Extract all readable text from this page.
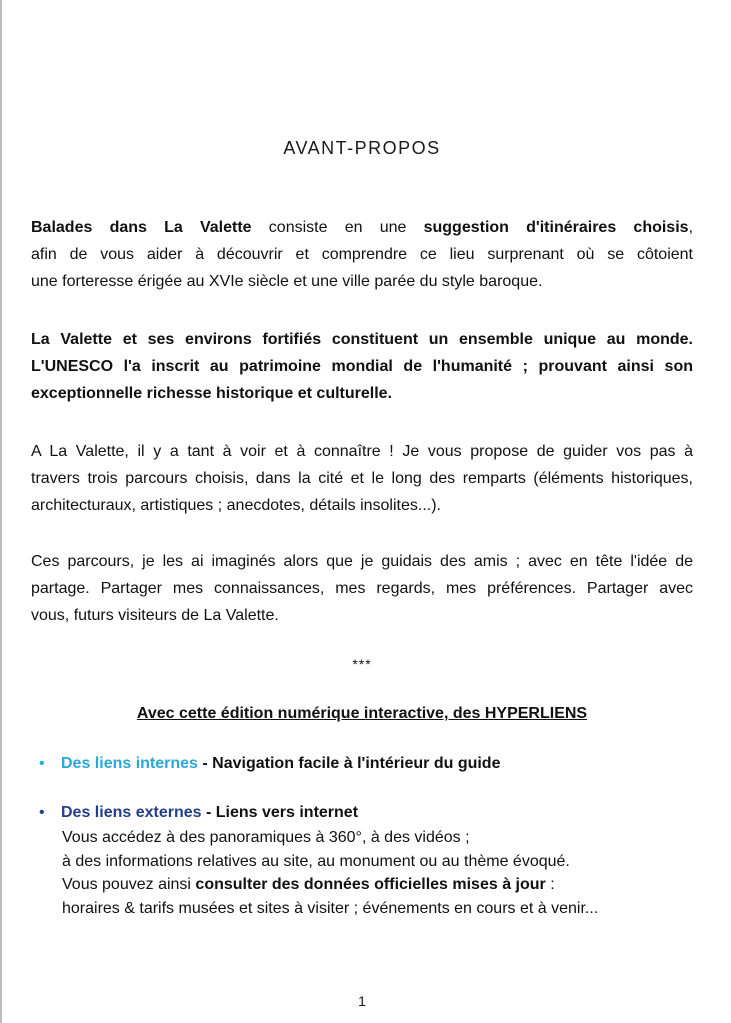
AVANT-PROPOS
Balades dans La Valette consiste en une suggestion d'itinéraires choisis,
afin de vous aider à découvrir et comprendre ce lieu surprenant où se côtoient
une forteresse érigée au XVIe siècle et une ville parée du style baroque.
La Valette et ses environs fortifiés constituent un ensemble unique au monde.
L'UNESCO l'a inscrit au patrimoine mondial de l'humanité ; prouvant ainsi son
exceptionnelle richesse historique et culturelle.
A La Valette, il y a tant à voir et à connaître ! Je vous propose de guider vos pas à
travers trois parcours choisis, dans la cité et le long des remparts (éléments historiques,
architecturaux, artistiques ; anecdotes, détails insolites...).
Ces parcours, je les ai imaginés alors que je guidais des amis ; avec en tête l'idée de
partage. Partager mes connaissances, mes regards, mes préférences. Partager avec
vous, futurs visiteurs de La Valette.
***
Avec cette édition numérique interactive, des HYPERLIENS
• Des liens internes - Navigation facile à l'intérieur du guide
• Des liens externes - Liens vers internet
Vous accédez à des panoramiques à 360°, à des vidéos ;
à des informations relatives au site, au monument ou au thème évoqué.
Vous pouvez ainsi consulter des données officielles mises à jour :
horaires & tarifs musées et sites à visiter ; événements en cours et à venir...
1
